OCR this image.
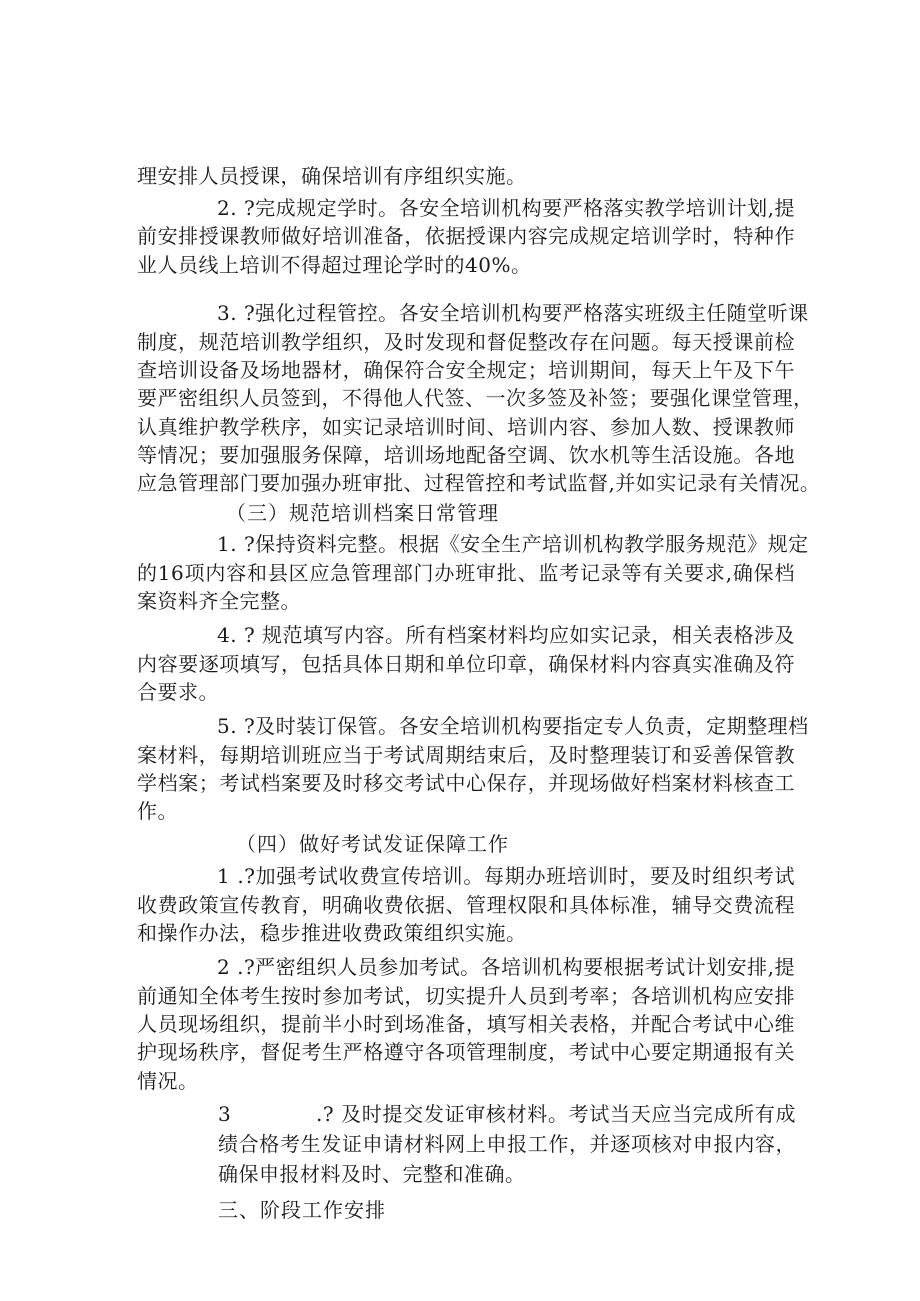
理安排人员授课，确保培训有序组织实施。
2. ?完成规定学时。各安全培训机构要严格落实教学培训计划,提
前安排授课教师做好培训准备，依据授课内容完成规定培训学时，特种作
业人员线上培训不得超过理论学时的40%。
3. ?强化过程管控。各安全培训机构要严格落实班级主任随堂听课
制度，规范培训教学组织，及时发现和督促整改存在问题。每天授课前检
查培训设备及场地器材，确保符合安全规定；培训期间，每天上午及下午
要严密组织人员签到，不得他人代签、一次多签及补签；要强化课堂管理，
认真维护教学秩序，如实记录培训时间、培训内容、参加人数、授课教师
等情况；要加强服务保障，培训场地配备空调、饮水机等生活设施。各地
应急管理部门要加强办班审批、过程管控和考试监督,并如实记录有关情况。
（三）规范培训档案日常管理
1. ?保持资料完整。根据《安全生产培训机构教学服务规范》规定
的16项内容和县区应急管理部门办班审批、监考记录等有关要求,确保档
案资料齐全完整。
4. ? 规范填写内容。所有档案材料均应如实记录，相关表格涉及
内容要逐项填写，包括具体日期和单位印章，确保材料内容真实准确及符
合要求。
5. ?及时装订保管。各安全培训机构要指定专人负责，定期整理档
案材料，每期培训班应当于考试周期结束后，及时整理装订和妥善保管教
学档案；考试档案要及时移交考试中心保存，并现场做好档案材料核查工
作。
（四）做好考试发证保障工作
1 .?加强考试收费宣传培训。每期办班培训时，要及时组织考试
收费政策宣传教育，明确收费依据、管理权限和具体标准，辅导交费流程
和操作办法，稳步推进收费政策组织实施。
2 .?严密组织人员参加考试。各培训机构要根据考试计划安排,提
前通知全体考生按时参加考试，切实提升人员到考率；各培训机构应安排
人员现场组织，提前半小时到场准备，填写相关表格，并配合考试中心维
护现场秩序，督促考生严格遵守各项管理制度，考试中心要定期通报有关
情况。
3	.? 及时提交发证审核材料。考试当天应当完成所有成
绩合格考生发证申请材料网上申报工作，并逐项核对申报内容，
确保申报材料及时、完整和准确。
三、阶段工作安排
